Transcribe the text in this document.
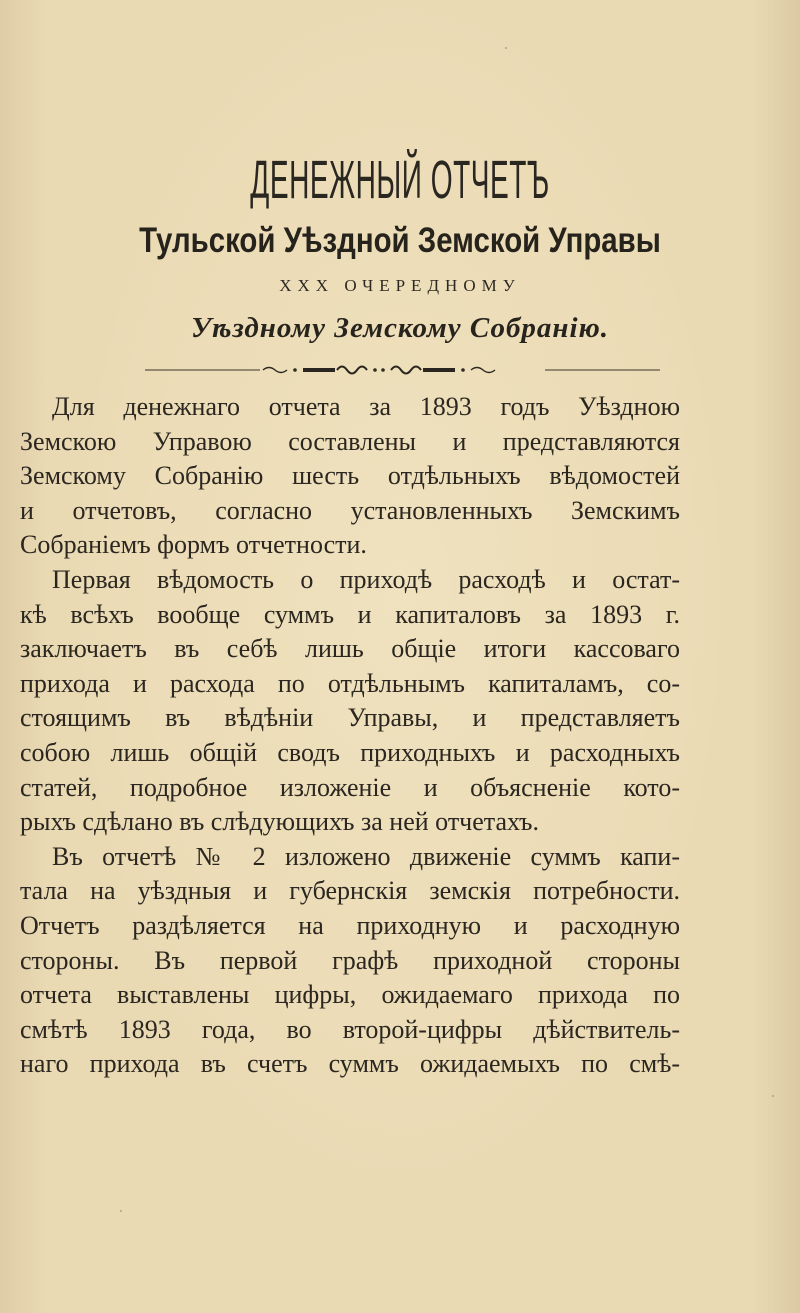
ДЕНЕЖНЫЙ ОТЧЕТЪ
Тульской Уѣздной Земской Управы
XXX ОЧЕРЕДНОМУ
Уѣздному Земскому Собранію.
Для денежнаго отчета за 1893 годъ Уѣздною
Земскою Управою составлены и представляются
Земскому Собранію шесть отдѣльныхъ вѣдомостей
и отчетовъ, согласно установленныхъ Земскимъ
Собраніемъ формъ отчетности.
Первая вѣдомость о приходѣ расходѣ и остат-
кѣ всѣхъ вообще суммъ и капиталовъ за 1893 г.
заключаетъ въ себѣ лишь общіе итоги кассоваго
прихода и расхода по отдѣльнымъ капиталамъ, со-
стоящимъ въ вѣдѣніи Управы, и представляетъ
собою лишь общій сводъ приходныхъ и расходныхъ
статей, подробное изложеніе и объясненіе кото-
рыхъ сдѣлано въ слѣдующихъ за ней отчетахъ.
Въ отчетѣ № 2 изложено движеніе суммъ капи-
тала на уѣздныя и губернскія земскія потребности.
Отчетъ раздѣляется на приходную и расходную
стороны. Въ первой графѣ приходной стороны
отчета выставлены цифры, ожидаемаго прихода по
смѣтѣ 1893 года, во второй-цифры дѣйствитель-
наго прихода въ счетъ суммъ ожидаемыхъ по смѣ-
